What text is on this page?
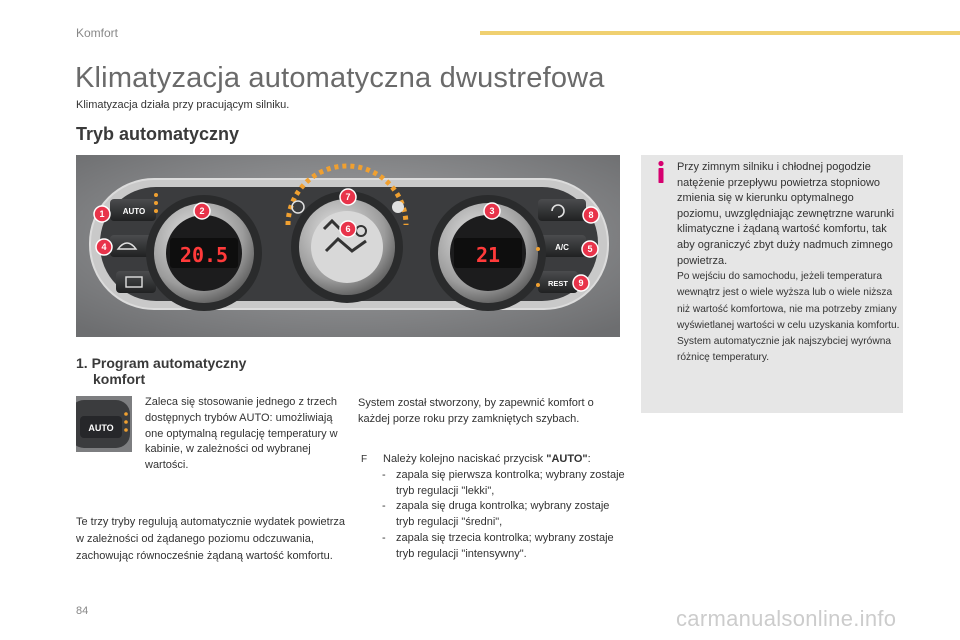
Komfort
Klimatyzacja automatyczna dwustrefowa
Klimatyzacja działa przy pracującym silniku.
Tryb automatyczny
20.5	21
AUTO
A/C
REST
1	2	3
4	5
6
7
8
9

Przy zimnym silniku i chłodnej pogodzie natężenie przepływu powietrza stopniowo zmienia się w kierunku optymalnego poziomu, uwzględniając zewnętrzne warunki klimatyczne i żądaną wartość komfortu, tak aby ograniczyć zbyt duży nadmuch zimnego powietrza.

Po wejściu do samochodu, jeżeli temperatura wewnątrz jest o wiele wyższa lub o wiele niższa niż wartość komfortowa, nie ma potrzeby zmiany wyświetlanej wartości w celu uzyskania komfortu. System automatycznie jak najszybciej wyrówna różnicę temperatury.

1. Program automatyczny
komfort
AUTO
Zaleca się stosowanie jednego z trzech dostępnych trybów AUTO: umożliwiają one optymalną regulację temperatury w kabinie, w zależności od wybranej wartości.
Te trzy tryby regulują automatycznie wydatek powietrza w zależności od żądanego poziomu odczuwania, zachowując równocześnie żądaną wartość komfortu.
System został stworzony, by zapewnić komfort o każdej porze roku przy zamkniętych szybach.
F Należy kolejno naciskać przycisk "AUTO":
- zapala się pierwsza kontrolka; wybrany zostaje tryb regulacji "lekki",
- zapala się druga kontrolka; wybrany zostaje tryb regulacji "średni",
- zapala się trzecia kontrolka; wybrany zostaje tryb regulacji "intensywny".
84	carmanualsonline.info
